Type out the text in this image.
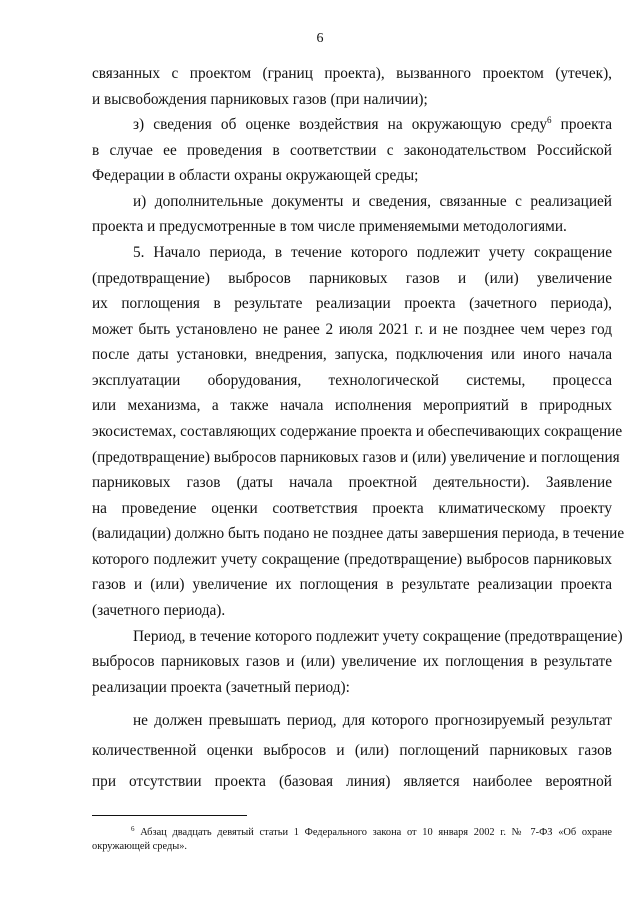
6
связанных с проектом (границ проекта), вызванного проектом (утечек),
и высвобождения парниковых газов (при наличии);
з) сведения об оценке воздействия на окружающую среду$^6$ проекта
в случае ее проведения в соответствии с законодательством Российской
Федерации в области охраны окружающей среды;
и) дополнительные документы и сведения, связанные с реализацией
проекта и предусмотренные в том числе применяемыми методологиями.
5. Начало периода, в течение которого подлежит учету сокращение
(предотвращение) выбросов парниковых газов и (или) увеличение
их поглощения в результате реализации проекта (зачетного периода),
может быть установлено не ранее 2 июля 2021 г. и не позднее чем через год
после даты установки, внедрения, запуска, подключения или иного начала
эксплуатации оборудования, технологической системы, процесса
или механизма, а также начала исполнения мероприятий в природных
экосистемах, составляющих содержание проекта и обеспечивающих сокращение
(предотвращение) выбросов парниковых газов и (или) увеличение и поглощения
парниковых газов (даты начала проектной деятельности). Заявление
на проведение оценки соответствия проекта климатическому проекту
(валидации) должно быть подано не позднее даты завершения периода, в течение
которого подлежит учету сокращение (предотвращение) выбросов парниковых
газов и (или) увеличение их поглощения в результате реализации проекта
(зачетного периода).
Период, в течение которого подлежит учету сокращение (предотвращение)
выбросов парниковых газов и (или) увеличение их поглощения в результате
реализации проекта (зачетный период):
не должен превышать период, для которого прогнозируемый результат
количественной оценки выбросов и (или) поглощений парниковых газов
при отсутствии проекта (базовая линия) является наиболее вероятной
$^6$ Абзац двадцать девятый статьи 1 Федерального закона от 10 января 2002 г. № 7-ФЗ «Об охране
окружающей среды».
